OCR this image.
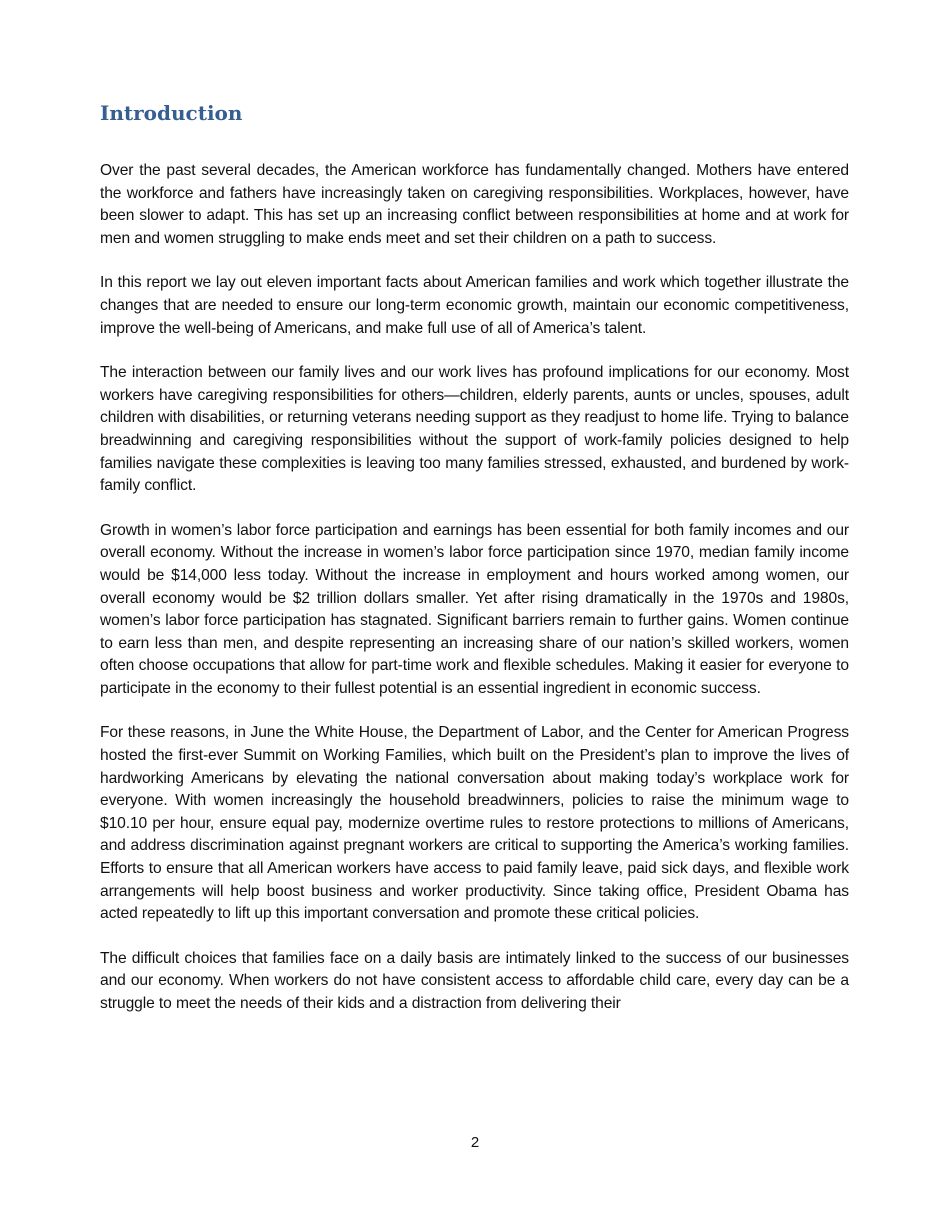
Introduction

Over the past several decades, the American workforce has fundamentally changed. Mothers have entered the workforce and fathers have increasingly taken on caregiving responsibilities. Workplaces, however, have been slower to adapt. This has set up an increasing conflict between responsibilities at home and at work for men and women struggling to make ends meet and set their children on a path to success.

In this report we lay out eleven important facts about American families and work which together illustrate the changes that are needed to ensure our long-term economic growth, maintain our economic competitiveness, improve the well-being of Americans, and make full use of all of America’s talent.

The interaction between our family lives and our work lives has profound implications for our economy. Most workers have caregiving responsibilities for others—children, elderly parents, aunts or uncles, spouses, adult children with disabilities, or returning veterans needing support as they readjust to home life. Trying to balance breadwinning and caregiving responsibilities without the support of work-family policies designed to help families navigate these complexities is leaving too many families stressed, exhausted, and burdened by work-family conflict.

Growth in women’s labor force participation and earnings has been essential for both family incomes and our overall economy. Without the increase in women’s labor force participation since 1970, median family income would be $14,000 less today. Without the increase in employment and hours worked among women, our overall economy would be $2 trillion dollars smaller. Yet after rising dramatically in the 1970s and 1980s, women’s labor force participation has stagnated. Significant barriers remain to further gains. Women continue to earn less than men, and despite representing an increasing share of our nation’s skilled workers, women often choose occupations that allow for part-time work and flexible schedules. Making it easier for everyone to participate in the economy to their fullest potential is an essential ingredient in economic success.

For these reasons, in June the White House, the Department of Labor, and the Center for American Progress hosted the first-ever Summit on Working Families, which built on the President’s plan to improve the lives of hardworking Americans by elevating the national conversation about making today’s workplace work for everyone. With women increasingly the household breadwinners, policies to raise the minimum wage to $10.10 per hour, ensure equal pay, modernize overtime rules to restore protections to millions of Americans, and address discrimination against pregnant workers are critical to supporting the America’s working families. Efforts to ensure that all American workers have access to paid family leave, paid sick days, and flexible work arrangements will help boost business and worker productivity. Since taking office, President Obama has acted repeatedly to lift up this important conversation and promote these critical policies.

The difficult choices that families face on a daily basis are intimately linked to the success of our businesses and our economy. When workers do not have consistent access to affordable child care, every day can be a struggle to meet the needs of their kids and a distraction from delivering their

2
